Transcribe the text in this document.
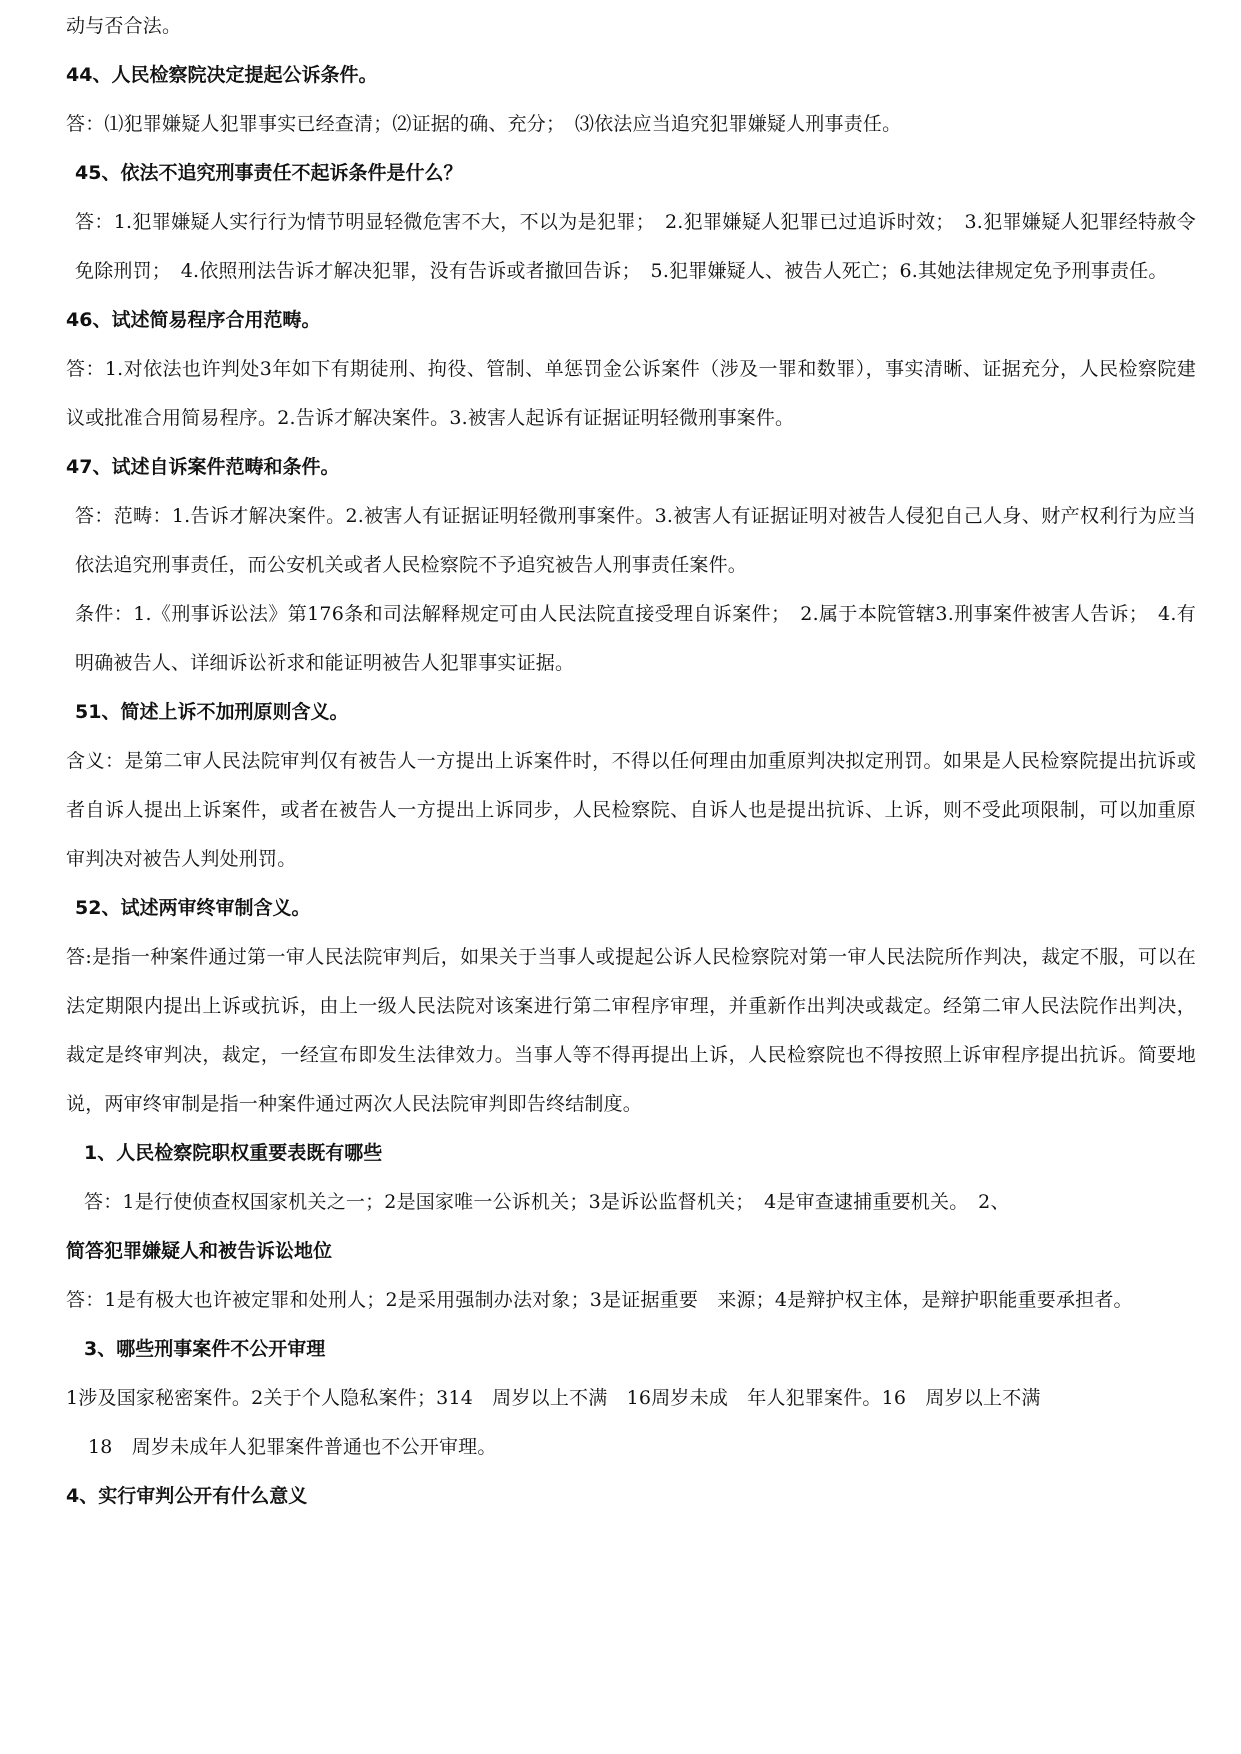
动与否合法。

44、人民检察院决定提起公诉条件。

答：⑴犯罪嫌疑人犯罪事实已经查清；⑵证据的确、充分；　⑶依法应当追究犯罪嫌疑人刑事责任。

45、依法不追究刑事责任不起诉条件是什么？

答：1.犯罪嫌疑人实行行为情节明显轻微危害不大，不以为是犯罪；　2.犯罪嫌疑人犯罪已过追诉时效；　3.犯罪嫌疑人犯罪经特赦令免除刑罚；　4.依照刑法告诉才解决犯罪，没有告诉或者撤回告诉；　5.犯罪嫌疑人、被告人死亡；6.其她法律规定免予刑事责任。

46、试述简易程序合用范畴。

答：1.对依法也许判处3年如下有期徒刑、拘役、管制、单惩罚金公诉案件（涉及一罪和数罪），事实清晰、证据充分，人民检察院建议或批准合用简易程序。2.告诉才解决案件。3.被害人起诉有证据证明轻微刑事案件。

47、试述自诉案件范畴和条件。

答：范畴：1.告诉才解决案件。2.被害人有证据证明轻微刑事案件。3.被害人有证据证明对被告人侵犯自己人身、财产权利行为应当依法追究刑事责任，而公安机关或者人民检察院不予追究被告人刑事责任案件。

条件：1.《刑事诉讼法》第176条和司法解释规定可由人民法院直接受理自诉案件；　2.属于本院管辖3.刑事案件被害人告诉；　4.有明确被告人、详细诉讼祈求和能证明被告人犯罪事实证据。

51、简述上诉不加刑原则含义。

含义：是第二审人民法院审判仅有被告人一方提出上诉案件时，不得以任何理由加重原判决拟定刑罚。如果是人民检察院提出抗诉或者自诉人提出上诉案件，或者在被告人一方提出上诉同步，人民检察院、自诉人也是提出抗诉、上诉，则不受此项限制，可以加重原审判决对被告人判处刑罚。

52、试述两审终审制含义。

答:是指一种案件通过第一审人民法院审判后，如果关于当事人或提起公诉人民检察院对第一审人民法院所作判决，裁定不服，可以在法定期限内提出上诉或抗诉，由上一级人民法院对该案进行第二审程序审理，并重新作出判决或裁定。经第二审人民法院作出判决，裁定是终审判决，裁定，一经宣布即发生法律效力。当事人等不得再提出上诉，人民检察院也不得按照上诉审程序提出抗诉。简要地说，两审终审制是指一种案件通过两次人民法院审判即告终结制度。

1、人民检察院职权重要表既有哪些

答：1是行使侦查权国家机关之一；2是国家唯一公诉机关；3是诉讼监督机关；　4是审查逮捕重要机关。　2、

简答犯罪嫌疑人和被告诉讼地位

答：1是有极大也许被定罪和处刑人；2是采用强制办法对象；3是证据重要　来源；4是辩护权主体，是辩护职能重要承担者。

3、哪些刑事案件不公开审理

1涉及国家秘密案件。2关于个人隐私案件；314　周岁以上不满　16周岁未成　年人犯罪案件。16　周岁以上不满

18　周岁未成年人犯罪案件普通也不公开审理。

4、实行审判公开有什么意义
